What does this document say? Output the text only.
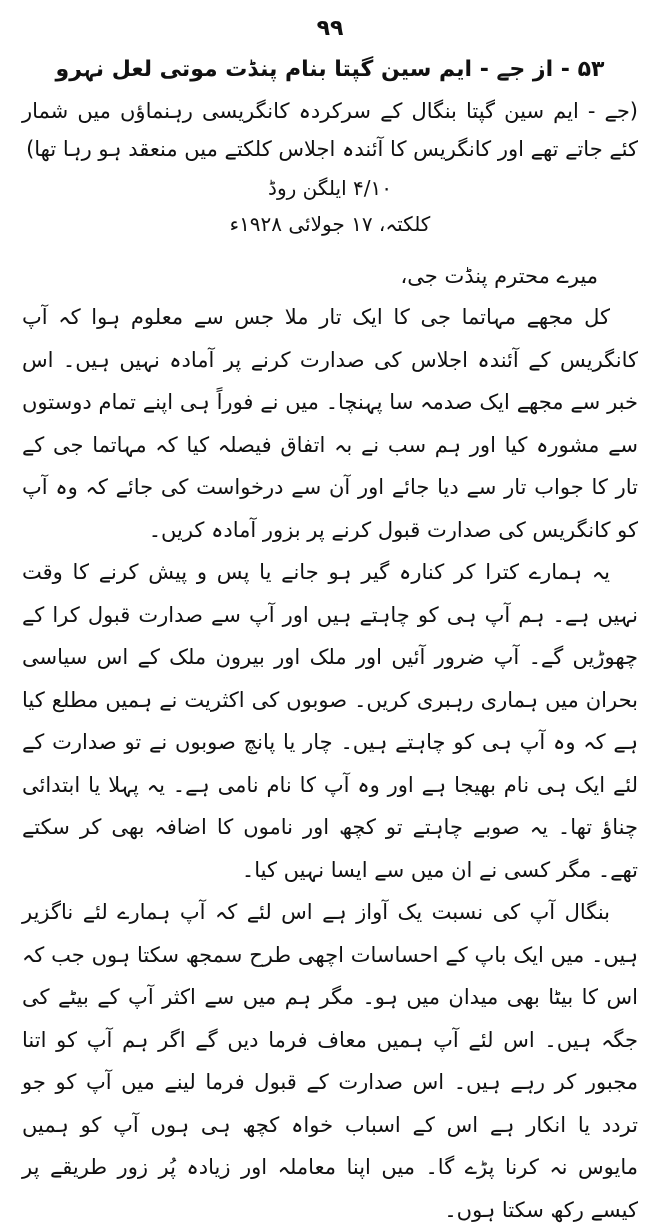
۹۹
۵۳ - از جے - ایم سین گپتا بنام پنڈت موتی لعل نہرو

(جے - ایم سین گپتا بنگال کے سرکردہ کانگریسی رہنماؤں میں شمار کئے جاتے تھے اور کانگریس کا آئندہ اجلاس کلکتے میں منعقد ہو رہا تھا)

۴/۱۰ ایلگن روڈ
کلکتہ، ۱۷ جولائی ۱۹۲۸ء
میرے محترم پنڈت جی،

کل مجھے مہاتما جی کا ایک تار ملا جس سے معلوم ہوا کہ آپ کانگریس کے آئندہ اجلاس کی صدارت کرنے پر آمادہ نہیں ہیں۔ اس خبر سے مجھے ایک صدمہ سا پہنچا۔ میں نے فوراً ہی اپنے تمام دوستوں سے مشورہ کیا اور ہم سب نے بہ اتفاق فیصلہ کیا کہ مہاتما جی کے تار کا جواب تار سے دیا جائے اور آن سے درخواست کی جائے کہ وہ آپ کو کانگریس کی صدارت قبول کرنے پر بزور آمادہ کریں۔

یہ ہمارے کترا کر کنارہ گیر ہو جانے یا پس و پیش کرنے کا وقت نہیں ہے۔ ہم آپ ہی کو چاہتے ہیں اور آپ سے صدارت قبول کرا کے چھوڑیں گے۔ آپ ضرور آئیں اور ملک اور بیرون ملک کے اس سیاسی بحران میں ہماری رہبری کریں۔ صوبوں کی اکثریت نے ہمیں مطلع کیا ہے کہ وہ آپ ہی کو چاہتے ہیں۔ چار یا پانچ صوبوں نے تو صدارت کے لئے ایک ہی نام بھیجا ہے اور وہ آپ کا نام نامی ہے۔ یہ پہلا یا ابتدائی چناؤ تھا۔ یہ صوبے چاہتے تو کچھ اور ناموں کا اضافہ بھی کر سکتے تھے۔ مگر کسی نے ان میں سے ایسا نہیں کیا۔

بنگال آپ کی نسبت یک آواز ہے اس لئے کہ آپ ہمارے لئے ناگزیر ہیں۔ میں ایک باپ کے احساسات اچھی طرح سمجھ سکتا ہوں جب کہ اس کا بیٹا بھی میدان میں ہو۔ مگر ہم میں سے اکثر آپ کے بیٹے کی جگہ ہیں۔ اس لئے آپ ہمیں معاف فرما دیں گے اگر ہم آپ کو اتنا مجبور کر رہے ہیں۔ اس صدارت کے قبول فرما لینے میں آپ کو جو تردد یا انکار ہے اس کے اسباب خواہ کچھ ہی ہوں آپ کو ہمیں مایوس نہ کرنا پڑے گا۔ میں اپنا معاملہ اور زیادہ پُر زور طریقے پر کیسے رکھ سکتا ہوں۔
